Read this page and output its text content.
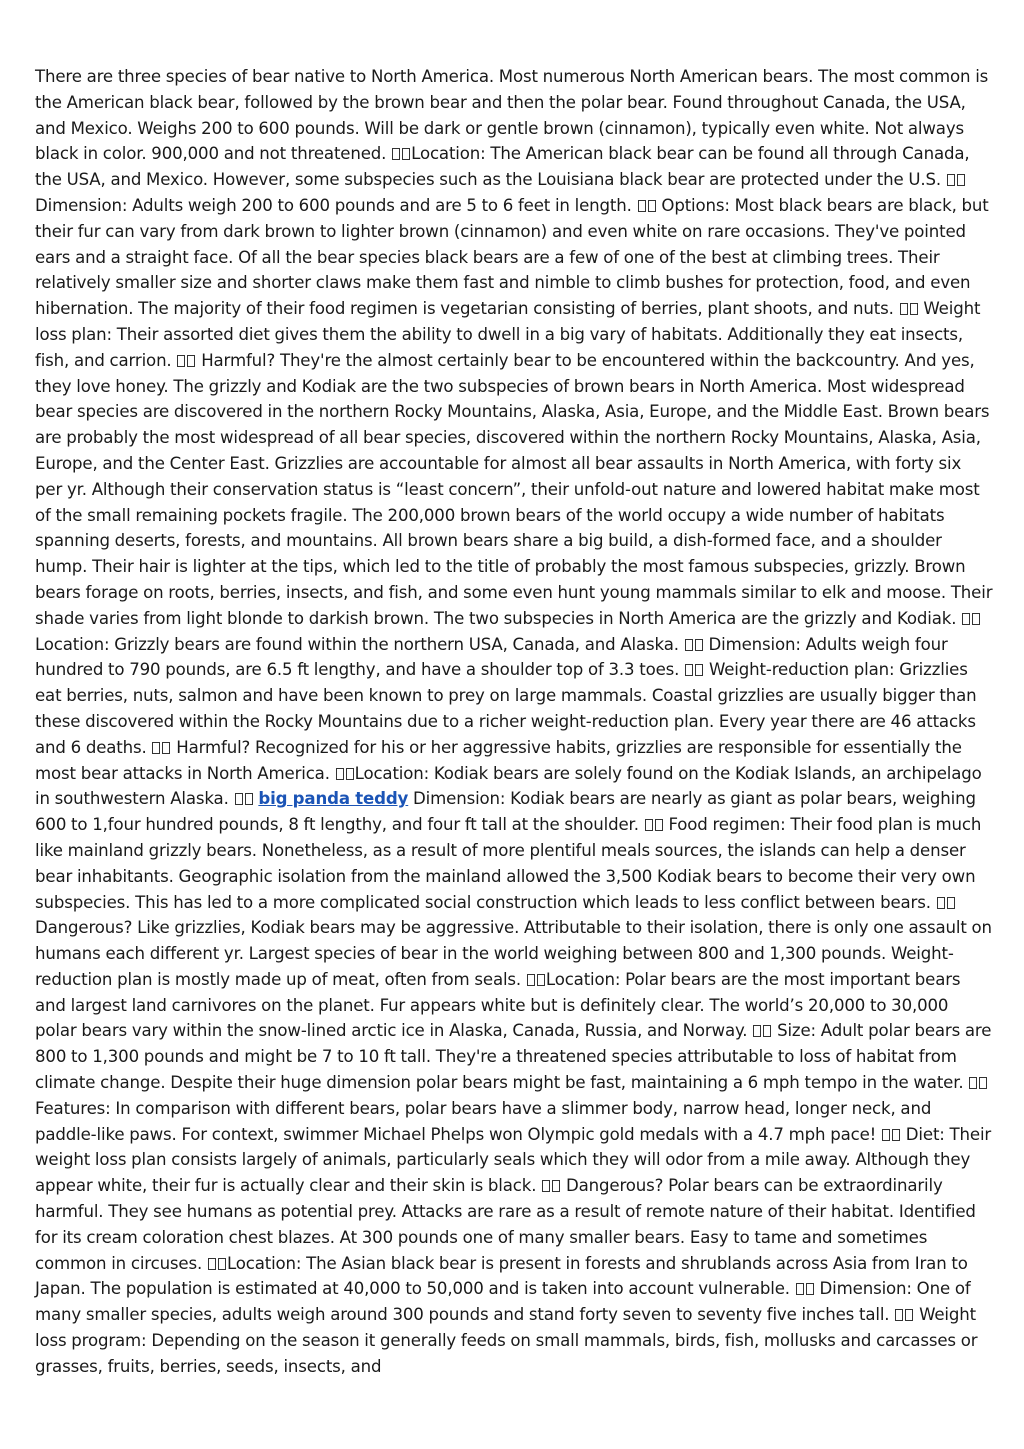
There are three species of bear native to North America. Most numerous North American bears. The most common is the American black bear, followed by the brown bear and then the polar bear. Found throughout Canada, the USA, and Mexico. Weighs 200 to 600 pounds. Will be dark or gentle brown (cinnamon), typically even white. Not always black in color. 900,000 and not threatened. Location: The American black bear can be found all through Canada, the USA, and Mexico. However, some subspecies such as the Louisiana black bear are protected under the U.S.  Dimension: Adults weigh 200 to 600 pounds and are 5 to 6 feet in length.  Options: Most black bears are black, but their fur can vary from dark brown to lighter brown (cinnamon) and even white on rare occasions. They've pointed ears and a straight face. Of all the bear species black bears are a few of one of the best at climbing trees. Their relatively smaller size and shorter claws make them fast and nimble to climb bushes for protection, food, and even hibernation. The majority of their food regimen is vegetarian consisting of berries, plant shoots, and nuts.  Weight loss plan: Their assorted diet gives them the ability to dwell in a big vary of habitats. Additionally they eat insects, fish, and carrion.  Harmful? They're the almost certainly bear to be encountered within the backcountry. And yes, they love honey. The grizzly and Kodiak are the two subspecies of brown bears in North America. Most widespread bear species are discovered in the northern Rocky Mountains, Alaska, Asia, Europe, and the Middle East. Brown bears are probably the most widespread of all bear species, discovered within the northern Rocky Mountains, Alaska, Asia, Europe, and the Center East. Grizzlies are accountable for almost all bear assaults in North America, with forty six per yr. Although their conservation status is “least concern”, their unfold-out nature and lowered habitat make most of the small remaining pockets fragile. The 200,000 brown bears of the world occupy a wide number of habitats spanning deserts, forests, and mountains. All brown bears share a big build, a dish-formed face, and a shoulder hump. Their hair is lighter at the tips, which led to the title of probably the most famous subspecies, grizzly. Brown bears forage on roots, berries, insects, and fish, and some even hunt young mammals similar to elk and moose. Their shade varies from light blonde to darkish brown. The two subspecies in North America are the grizzly and Kodiak. Location: Grizzly bears are found within the northern USA, Canada, and Alaska.  Dimension: Adults weigh four hundred to 790 pounds, are 6.5 ft lengthy, and have a shoulder top of 3.3 toes.  Weight-reduction plan: Grizzlies eat berries, nuts, salmon and have been known to prey on large mammals. Coastal grizzlies are usually bigger than these discovered within the Rocky Mountains due to a richer weight-reduction plan. Every year there are 46 attacks and 6 deaths.  Harmful? Recognized for his or her aggressive habits, grizzlies are responsible for essentially the most bear attacks in North America. Location: Kodiak bears are solely found on the Kodiak Islands, an archipelago in southwestern Alaska.  big panda teddy Dimension: Kodiak bears are nearly as giant as polar bears, weighing 600 to 1,four hundred pounds, 8 ft lengthy, and four ft tall at the shoulder.  Food regimen: Their food plan is much like mainland grizzly bears. Nonetheless, as a result of more plentiful meals sources, the islands can help a denser bear inhabitants. Geographic isolation from the mainland allowed the 3,500 Kodiak bears to become their very own subspecies. This has led to a more complicated social construction which leads to less conflict between bears.  Dangerous? Like grizzlies, Kodiak bears may be aggressive. Attributable to their isolation, there is only one assault on humans each different yr. Largest species of bear in the world weighing between 800 and 1,300 pounds. Weight-reduction plan is mostly made up of meat, often from seals. Location: Polar bears are the most important bears and largest land carnivores on the planet. Fur appears white but is definitely clear. The world’s 20,000 to 30,000 polar bears vary within the snow-lined arctic ice in Alaska, Canada, Russia, and Norway.  Size: Adult polar bears are 800 to 1,300 pounds and might be 7 to 10 ft tall. They're a threatened species attributable to loss of habitat from climate change. Despite their huge dimension polar bears might be fast, maintaining a 6 mph tempo in the water.  Features: In comparison with different bears, polar bears have a slimmer body, narrow head, longer neck, and paddle-like paws. For context, swimmer Michael Phelps won Olympic gold medals with a 4.7 mph pace!  Diet: Their weight loss plan consists largely of animals, particularly seals which they will odor from a mile away. Although they appear white, their fur is actually clear and their skin is black.  Dangerous? Polar bears can be extraordinarily harmful. They see humans as potential prey. Attacks are rare as a result of remote nature of their habitat. Identified for its cream coloration chest blazes. At 300 pounds one of many smaller bears. Easy to tame and sometimes common in circuses. Location: The Asian black bear is present in forests and shrublands across Asia from Iran to Japan. The population is estimated at 40,000 to 50,000 and is taken into account vulnerable.  Dimension: One of many smaller species, adults weigh around 300 pounds and stand forty seven to seventy five inches tall.  Weight loss program: Depending on the season it generally feeds on small mammals, birds, fish, mollusks and carcasses or grasses, fruits, berries, seeds, insects, and
